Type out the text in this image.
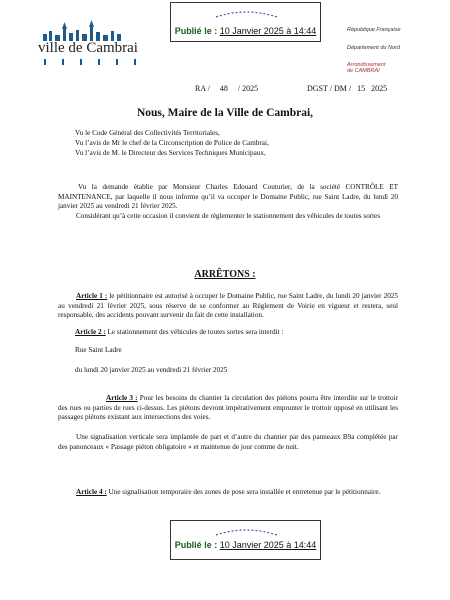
Publié le : 10 Janvier 2025 à 14:44
ville de Cambrai
République Française
Département du Nord
Arrondissement
de CAMBRAI
RA /     48     / 2025	DGST / DM /   15   2025
Nous, Maire de la Ville de Cambrai,
Vu le Code Général des Collectivités Territoriales,
Vu l’avis de Mr le chef de la Circonscription de Police de Cambrai,
Vu l’avis de M. le Directeur des Services Techniques Municipaux,
Vu la demande établie par Monsieur Charles Edouard Couturier, de la société CONTRÔLE ET MAINTENANCE, par laquelle il nous informe qu’il va occuper le Domaine Public, rue Saint Ladre, du lundi 20 janvier 2025 au vendredi 21 février 2025.
Considérant qu’à cette occasion il convient de réglementer le stationnement des véhicules de toutes sortes
ARRÊTONS :
Article 1 : le pétitionnaire est autorisé à occuper le Domaine Public, rue Saint Ladre, du lundi 20 janvier 2025 au vendredi 21 février 2025, sous réserve de se conformer au Règlement de Voirie en vigueur et restera, seul responsable, des accidents pouvant survenir du fait de cette installation.
Article 2 : Le stationnement des véhicules de toutes sortes sera interdit :
Rue Saint Ladre
du lundi 20 janvier 2025 au vendredi 21 février 2025
Article 3 : Pour les besoins du chantier la circulation des piétons pourra être interdite sur le trottoir des rues ou parties de rues ci-dessus. Les piétons devront impérativement emprunter le trottoir opposé en utilisant les passages piétons existant aux intersections des voies.
Une signalisation verticale sera implantée de part et d’autre du chantier par des panneaux B9a complétée par des panonceaux « Passage piéton obligatoire » et maintenue de jour comme de nuit.
Article 4 : Une signalisation temporaire des zones de pose sera installée et entretenue par le pétitionnaire.
Publié le : 10 Janvier 2025 à 14:44
